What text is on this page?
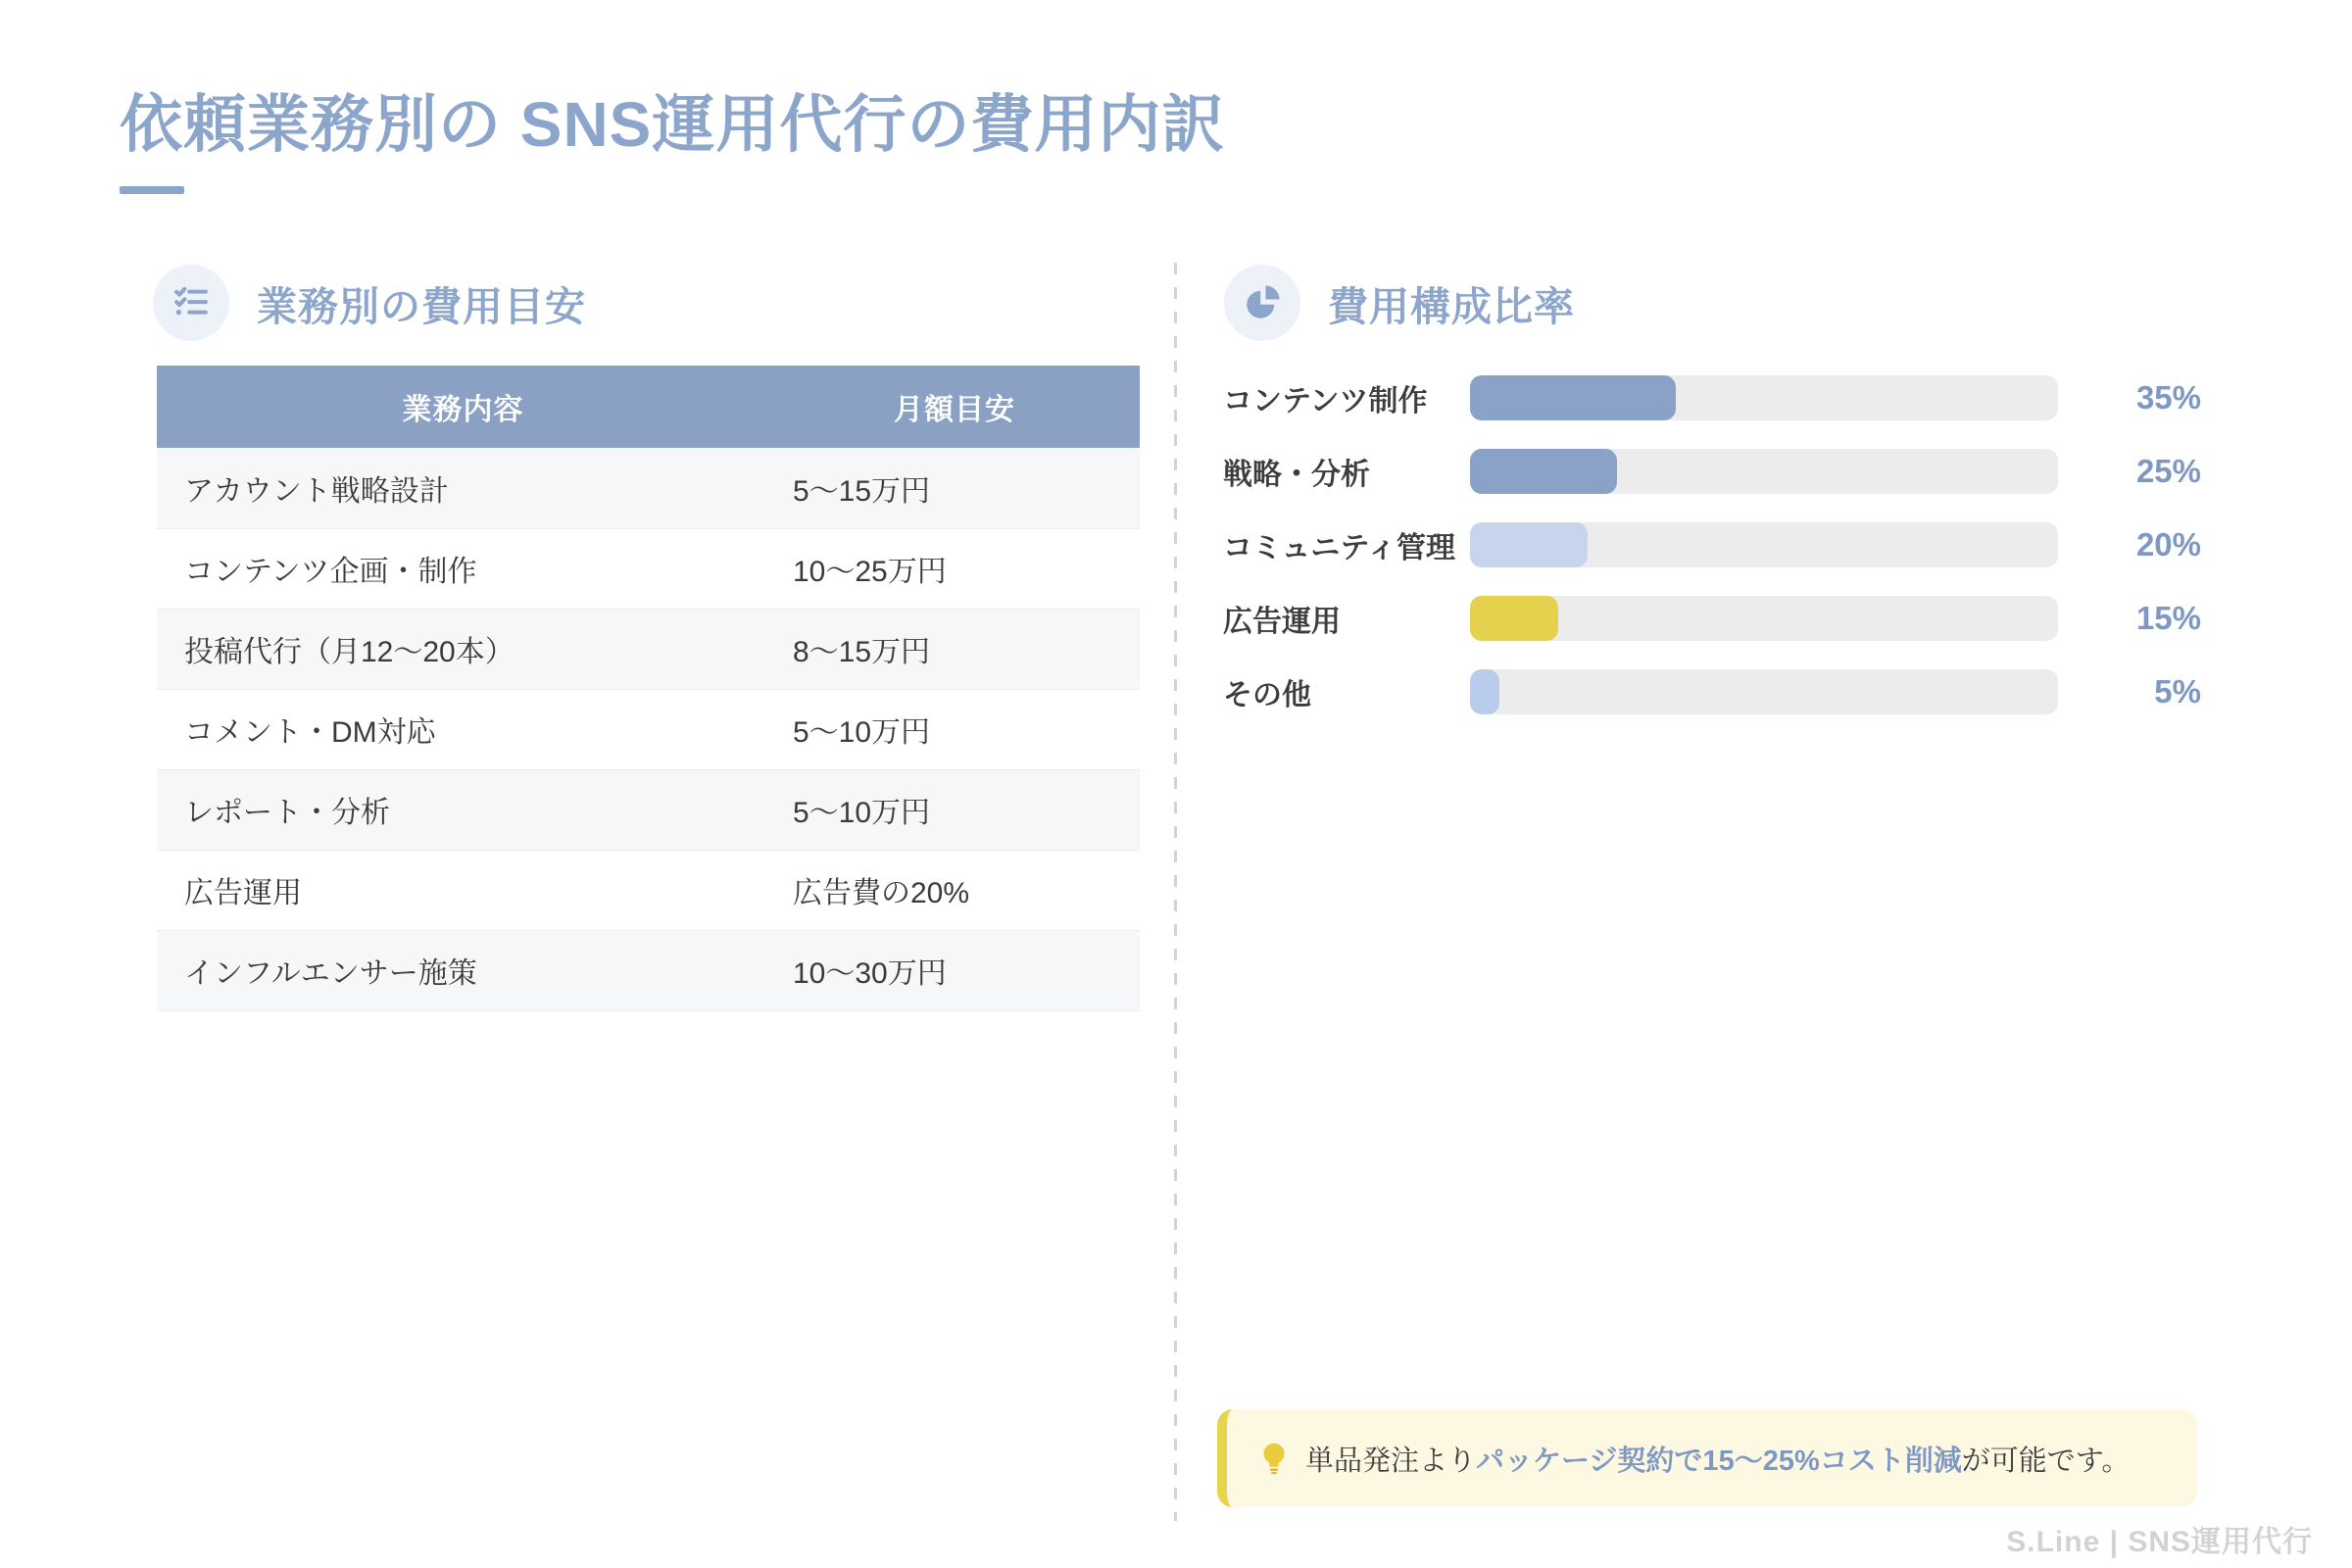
依頼業務別の SNS運用代行の費用内訳
業務別の費用目安
業務内容	月額目安
アカウント戦略設計	5〜15万円
コンテンツ企画・制作	10〜25万円
投稿代行（月12〜20本）	8〜15万円
コメント・DM対応	5〜10万円
レポート・分析	5〜10万円
広告運用	広告費の20%
インフルエンサー施策	10〜30万円
費用構成比率
コンテンツ制作	35%
戦略・分析	25%
コミュニティ管理	20%
広告運用	15%
その他	5%

単品発注よりパッケージ契約で15〜25%コスト削減が可能です。

S.Line | SNS運用代行
